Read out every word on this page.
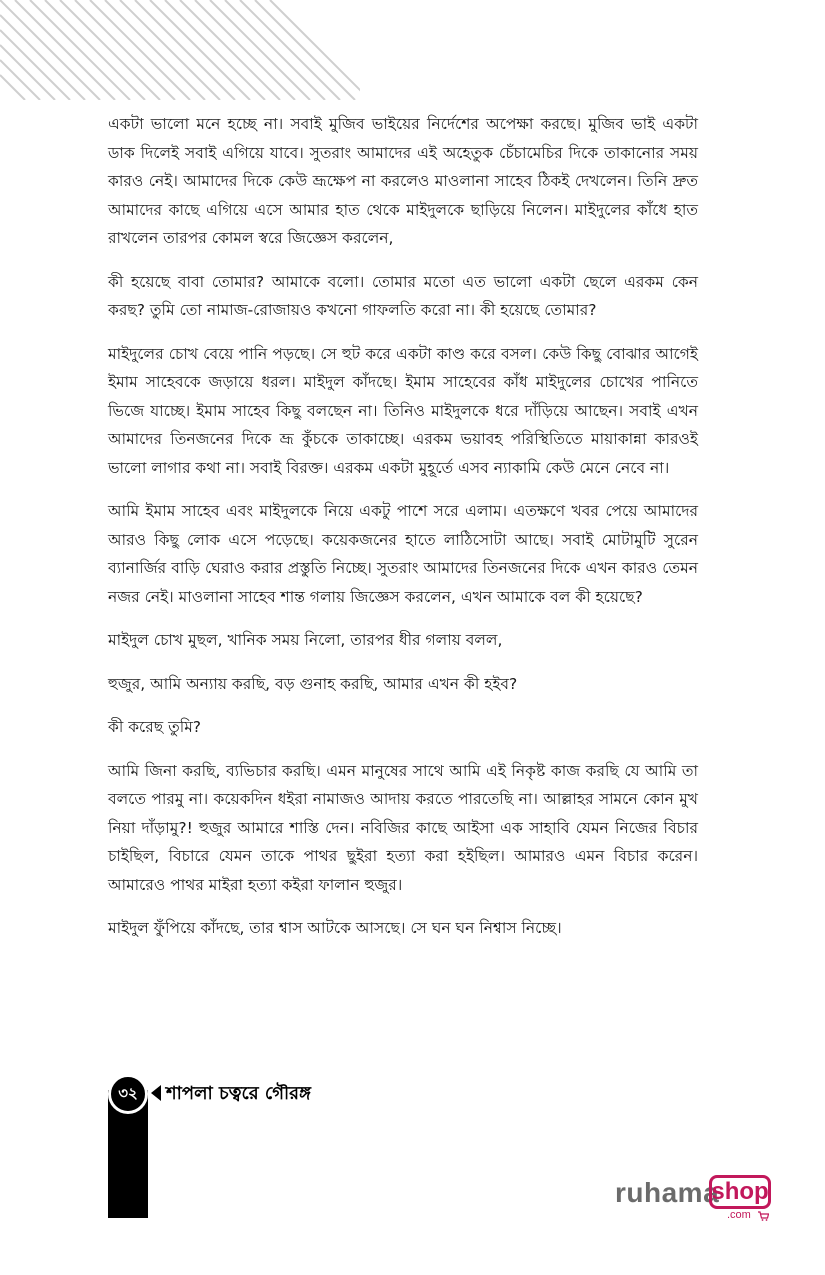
একটা ভালো মনে হচ্ছে না। সবাই মুজিব ভাইয়ের নির্দেশের অপেক্ষা করছে। মুজিব ভাই একটা ডাক দিলেই সবাই এগিয়ে যাবে। সুতরাং আমাদের এই অহেতুক চেঁচামেচির দিকে তাকানোর সময় কারও নেই। আমাদের দিকে কেউ ভ্রূক্ষেপ না করলেও মাওলানা সাহেব ঠিকই দেখলেন। তিনি দ্রুত আমাদের কাছে এগিয়ে এসে আমার হাত থেকে মাইদুলকে ছাড়িয়ে নিলেন। মাইদুলের কাঁধে হাত রাখলেন তারপর কোমল স্বরে জিজ্ঞেস করলেন,

কী হয়েছে বাবা তোমার? আমাকে বলো। তোমার মতো এত ভালো একটা ছেলে এরকম কেন করছ? তুমি তো নামাজ-রোজায়ও কখনো গাফলতি করো না। কী হয়েছে তোমার?

মাইদুলের চোখ বেয়ে পানি পড়ছে। সে হুট করে একটা কাণ্ড করে বসল। কেউ কিছু বোঝার আগেই ইমাম সাহেবকে জড়ায়ে ধরল। মাইদুল কাঁদছে। ইমাম সাহেবের কাঁধ মাইদুলের চোখের পানিতে ভিজে যাচ্ছে। ইমাম সাহেব কিছু বলছেন না। তিনিও মাইদুলকে ধরে দাঁড়িয়ে আছেন। সবাই এখন আমাদের তিনজনের দিকে ভ্রূ কুঁচকে তাকাচ্ছে। এরকম ভয়াবহ পরিস্থিতিতে মায়াকান্না কারওই ভালো লাগার কথা না। সবাই বিরক্ত। এরকম একটা মুহূর্তে এসব ন্যাকামি কেউ মেনে নেবে না।

আমি ইমাম সাহেব এবং মাইদুলকে নিয়ে একটু পাশে সরে এলাম। এতক্ষণে খবর পেয়ে আমাদের আরও কিছু লোক এসে পড়েছে। কয়েকজনের হাতে লাঠিসোটা আছে। সবাই মোটামুটি সুরেন ব্যানার্জির বাড়ি ঘেরাও করার প্রস্তুতি নিচ্ছে। সুতরাং আমাদের তিনজনের দিকে এখন কারও তেমন নজর নেই। মাওলানা সাহেব শান্ত গলায় জিজ্ঞেস করলেন, এখন আমাকে বল কী হয়েছে?

মাইদুল চোখ মুছল, খানিক সময় নিলো, তারপর ধীর গলায় বলল,

হুজুর, আমি অন্যায় করছি, বড় গুনাহ করছি, আমার এখন কী হইব?

কী করেছ তুমি?

আমি জিনা করছি, ব্যভিচার করছি। এমন মানুষের সাথে আমি এই নিকৃষ্ট কাজ করছি যে আমি তা বলতে পারমু না। কয়েকদিন ধইরা নামাজও আদায় করতে পারতেছি না। আল্লাহর সামনে কোন মুখ নিয়া দাঁড়ামু?! হুজুর আমারে শাস্তি দেন। নবিজির কাছে আইসা এক সাহাবি যেমন নিজের বিচার চাইছিল, বিচারে যেমন তাকে পাথর ছুইরা হত্যা করা হইছিল। আমারও এমন বিচার করেন। আমারেও পাথর মাইরা হত্যা কইরা ফালান হুজুর।

মাইদুল ফুঁপিয়ে কাঁদছে, তার শ্বাস আটকে আসছে। সে ঘন ঘন নিশ্বাস নিচ্ছে।

৩২ শাপলা চত্বরে গৌরঙ্গ
ruhama
shop
.com
